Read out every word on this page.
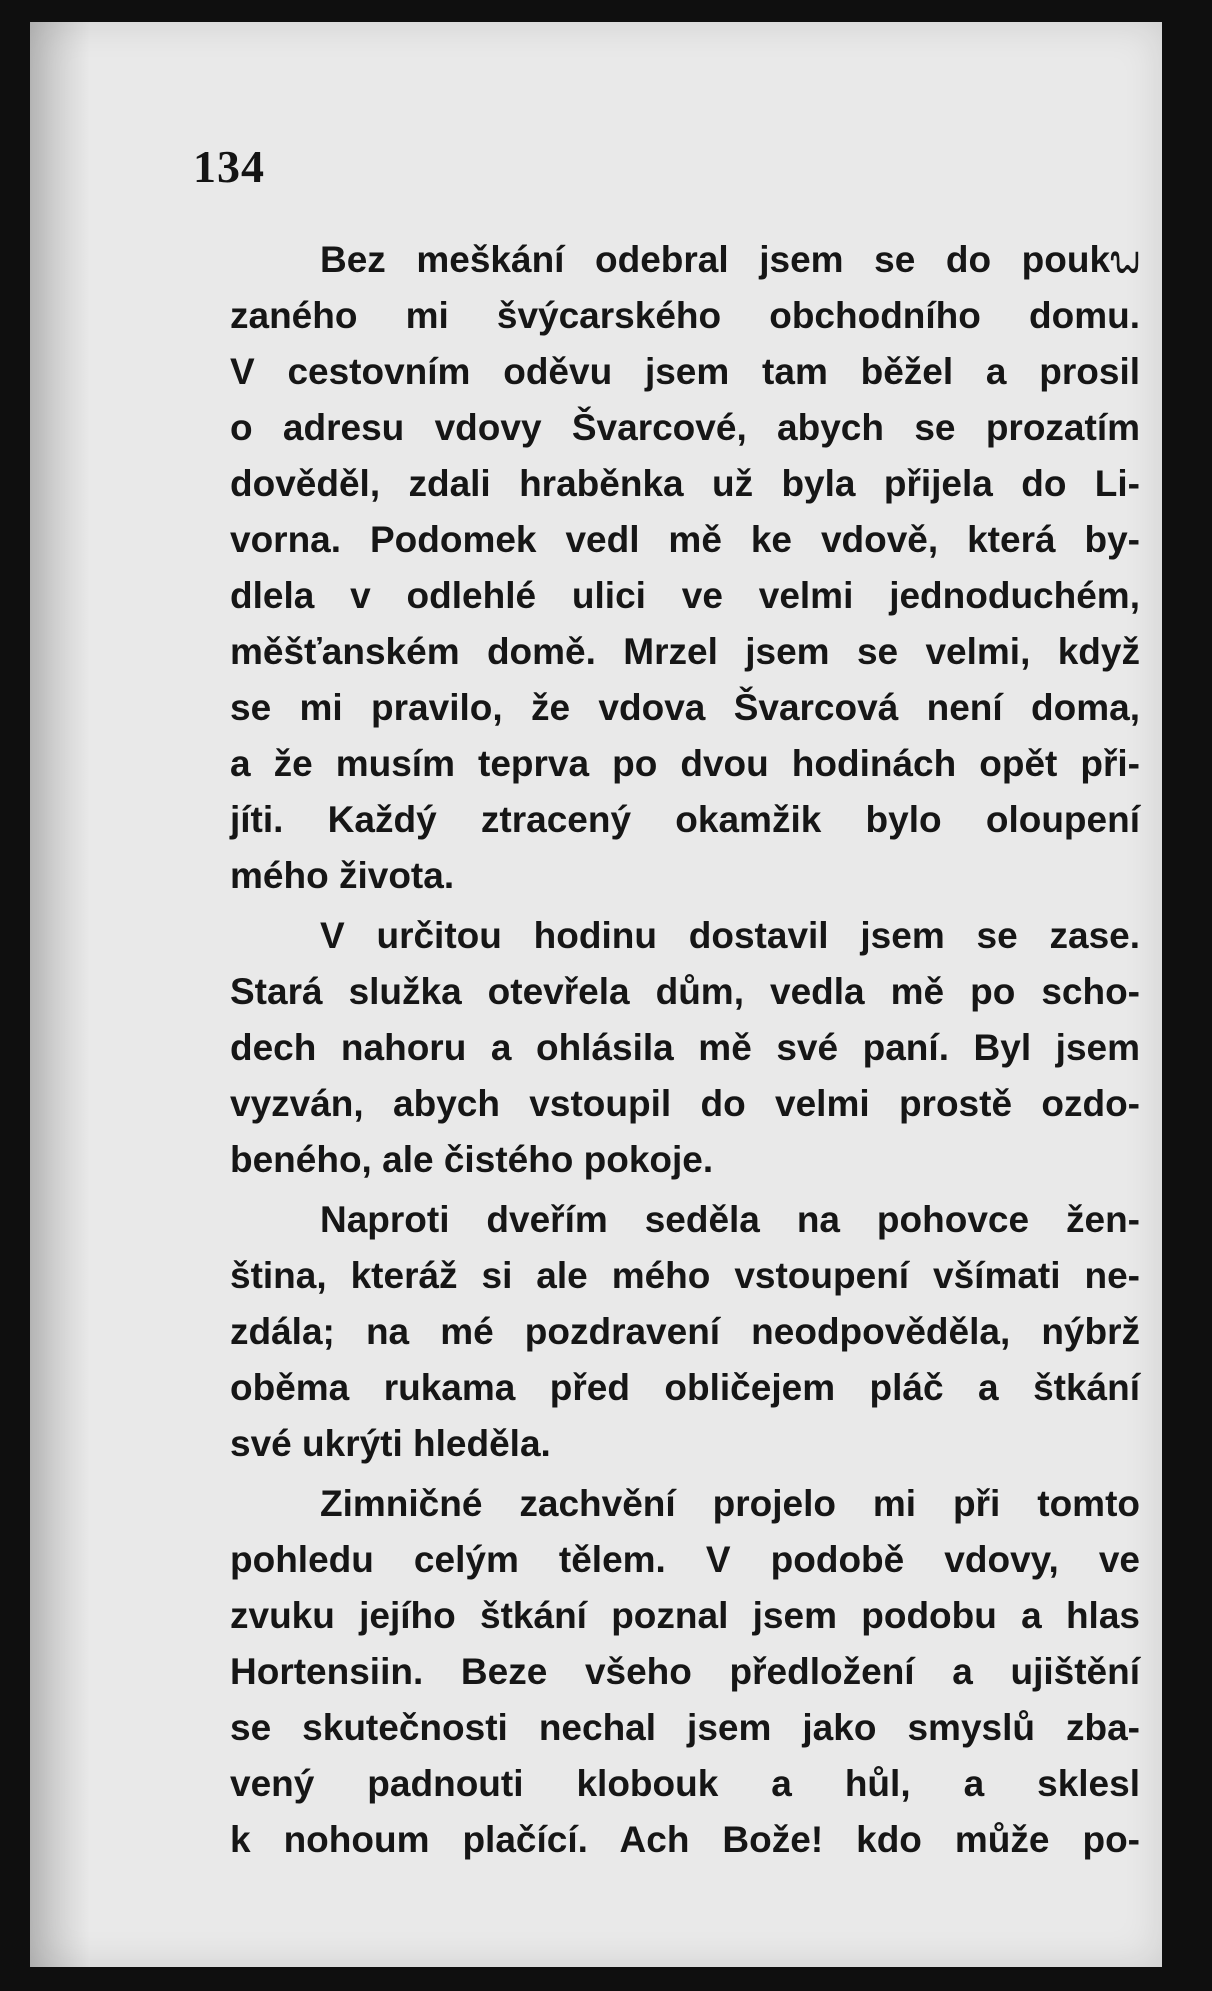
134
Bez meškání odebral jsem se do poukᬠ
zaného mi švýcarského obchodního domu.
V cestovním oděvu jsem tam běžel a prosil
o adresu vdovy Švarcové, abych se prozatím
dověděl, zdali hraběnka už byla přijela do Li-
vorna. Podomek vedl mě ke vdově, která by-
dlela v odlehlé ulici ve velmi jednoduchém,
měšťanském domě. Mrzel jsem se velmi, když
se mi pravilo, že vdova Švarcová není doma,
a že musím teprva po dvou hodinách opět při-
jíti. Každý ztracený okamžik bylo oloupení
mého života.
V určitou hodinu dostavil jsem se zase.
Stará služka otevřela dům, vedla mě po scho-
dech nahoru a ohlásila mě své paní. Byl jsem
vyzván, abych vstoupil do velmi prostě ozdo-
beného, ale čistého pokoje.
Naproti dveřím seděla na pohovce žen-
ština, kteráž si ale mého vstoupení všímati ne-
zdála; na mé pozdravení neodpověděla, nýbrž
oběma rukama před obličejem pláč a štkání
své ukrýti hleděla.
Zimničné zachvění projelo mi při tomto
pohledu celým tělem. V podobě vdovy, ve
zvuku jejího štkání poznal jsem podobu a hlas
Hortensiin. Beze všeho předložení a ujištění
se skutečnosti nechal jsem jako smyslů zba-
vený padnouti klobouk a hůl, a sklesl
k nohoum plačící. Ach Bože! kdo může po-
